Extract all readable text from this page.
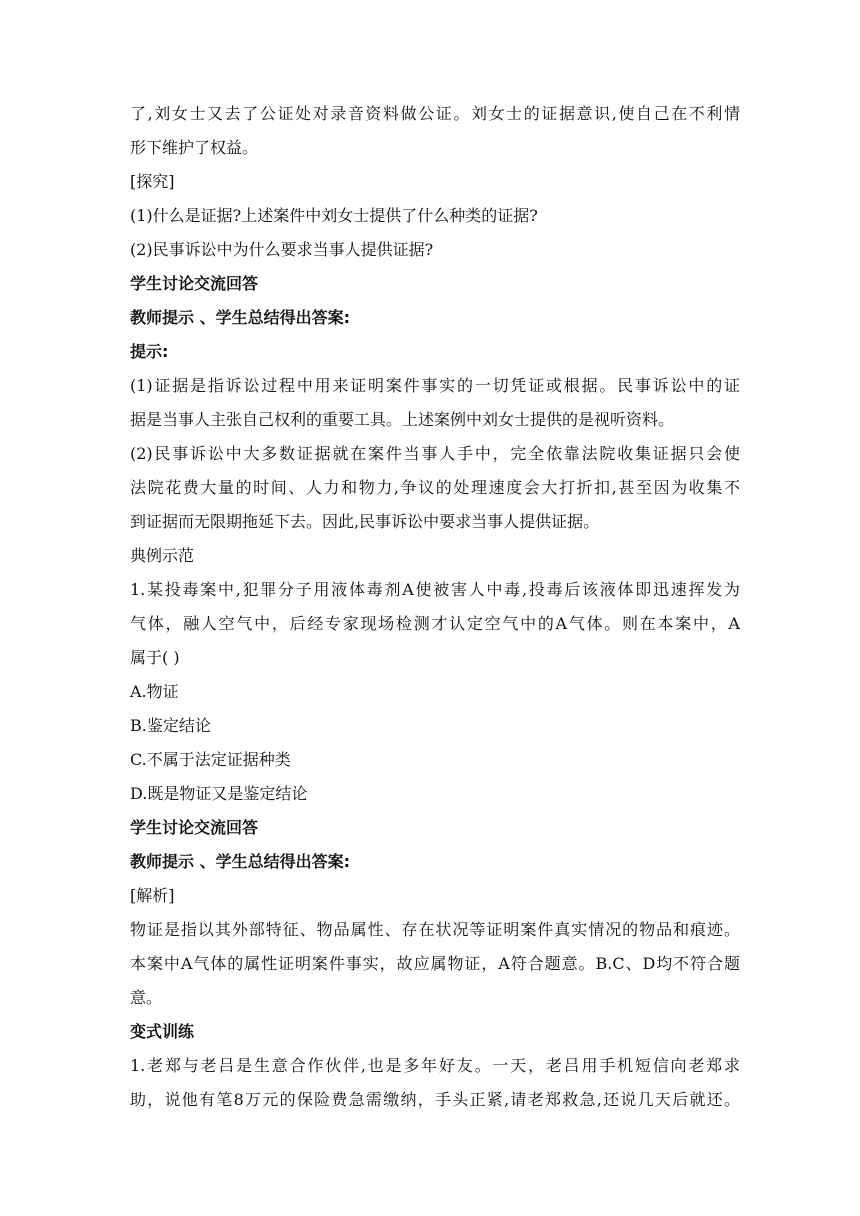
了,刘女士又去了公证处对录音资料做公证。刘女士的证据意识,使自己在不利情
形下维护了权益。
[探究]
(1)什么是证据?上述案件中刘女士提供了什么种类的证据?
(2)民事诉讼中为什么要求当事人提供证据?
学生讨论交流回答
教师提示 、学生总结得出答案:
提示:
(1)证据是指诉讼过程中用来证明案件事实的一切凭证或根据。民事诉讼中的证
据是当事人主张自己权利的重要工具。上述案例中刘女士提供的是视听资料。
(2)民事诉讼中大多数证据就在案件当事人手中，完全依靠法院收集证据只会使
法院花费大量的时间、人力和物力,争议的处理速度会大打折扣,甚至因为收集不
到证据而无限期拖延下去。因此,民事诉讼中要求当事人提供证据。
典例示范
1.某投毒案中,犯罪分子用液体毒剂A使被害人中毒,投毒后该液体即迅速挥发为
气体，融人空气中，后经专家现场检测才认定空气中的A气体。则在本案中，A
属于( )
A.物证
B.鉴定结论
C.不属于法定证据种类
D.既是物证又是鉴定结论
学生讨论交流回答
教师提示 、学生总结得出答案:
[解析]
物证是指以其外部特征、物品属性、存在状况等证明案件真实情况的物品和痕迹。
本案中A气体的属性证明案件事实，故应属物证，A符合题意。B.C、D均不符合题
意。
变式训练
1.老郑与老吕是生意合作伙伴,也是多年好友。一天，老吕用手机短信向老郑求
助，说他有笔8万元的保险费急需缴纳，手头正紧,请老郑救急,还说几天后就还。
